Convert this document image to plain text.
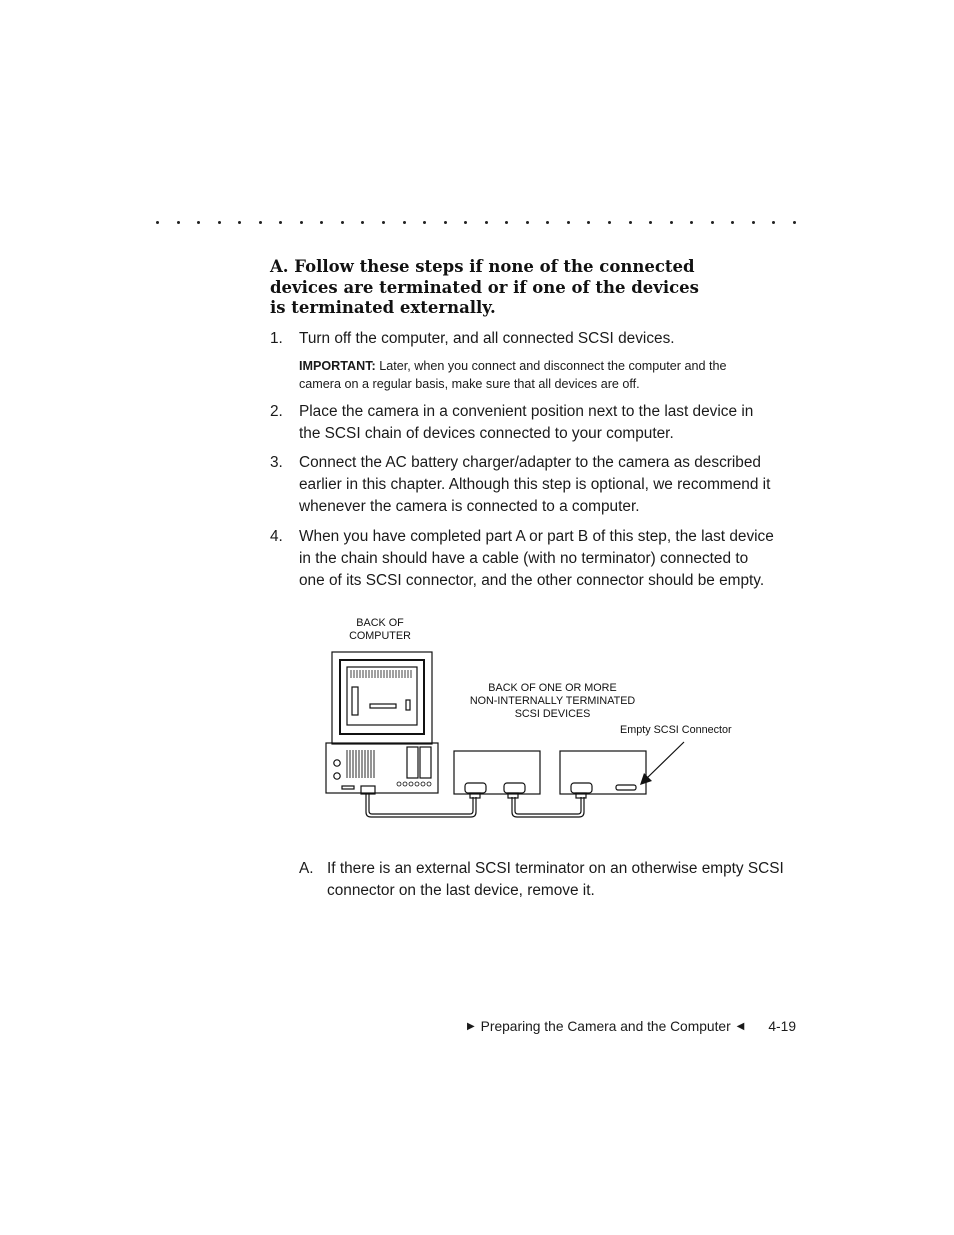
A. Follow these steps if none of the connected
devices are terminated or if one of the devices
is terminated externally.
1. Turn off the computer, and all connected SCSI devices.
IMPORTANT: Later, when you connect and disconnect the computer and the
camera on a regular basis, make sure that all devices are off.
2. Place the camera in a convenient position next to the last device in
the SCSI chain of devices connected to your computer.
3. Connect the AC battery charger/adapter to the camera as described
earlier in this chapter. Although this step is optional, we recommend it
whenever the camera is connected to a computer.
4. When you have completed part A or part B of this step, the last device
in the chain should have a cable (with no terminator) connected to
one of its SCSI connector, and the other connector should be empty.
BACK OF
COMPUTER
BACK OF ONE OR MORE
NON-INTERNALLY TERMINATED
SCSI DEVICES
Empty SCSI Connector
A. If there is an external SCSI terminator on an otherwise empty SCSI
connector on the last device, remove it.
▶ Preparing the Camera and the Computer ◀	4-19
